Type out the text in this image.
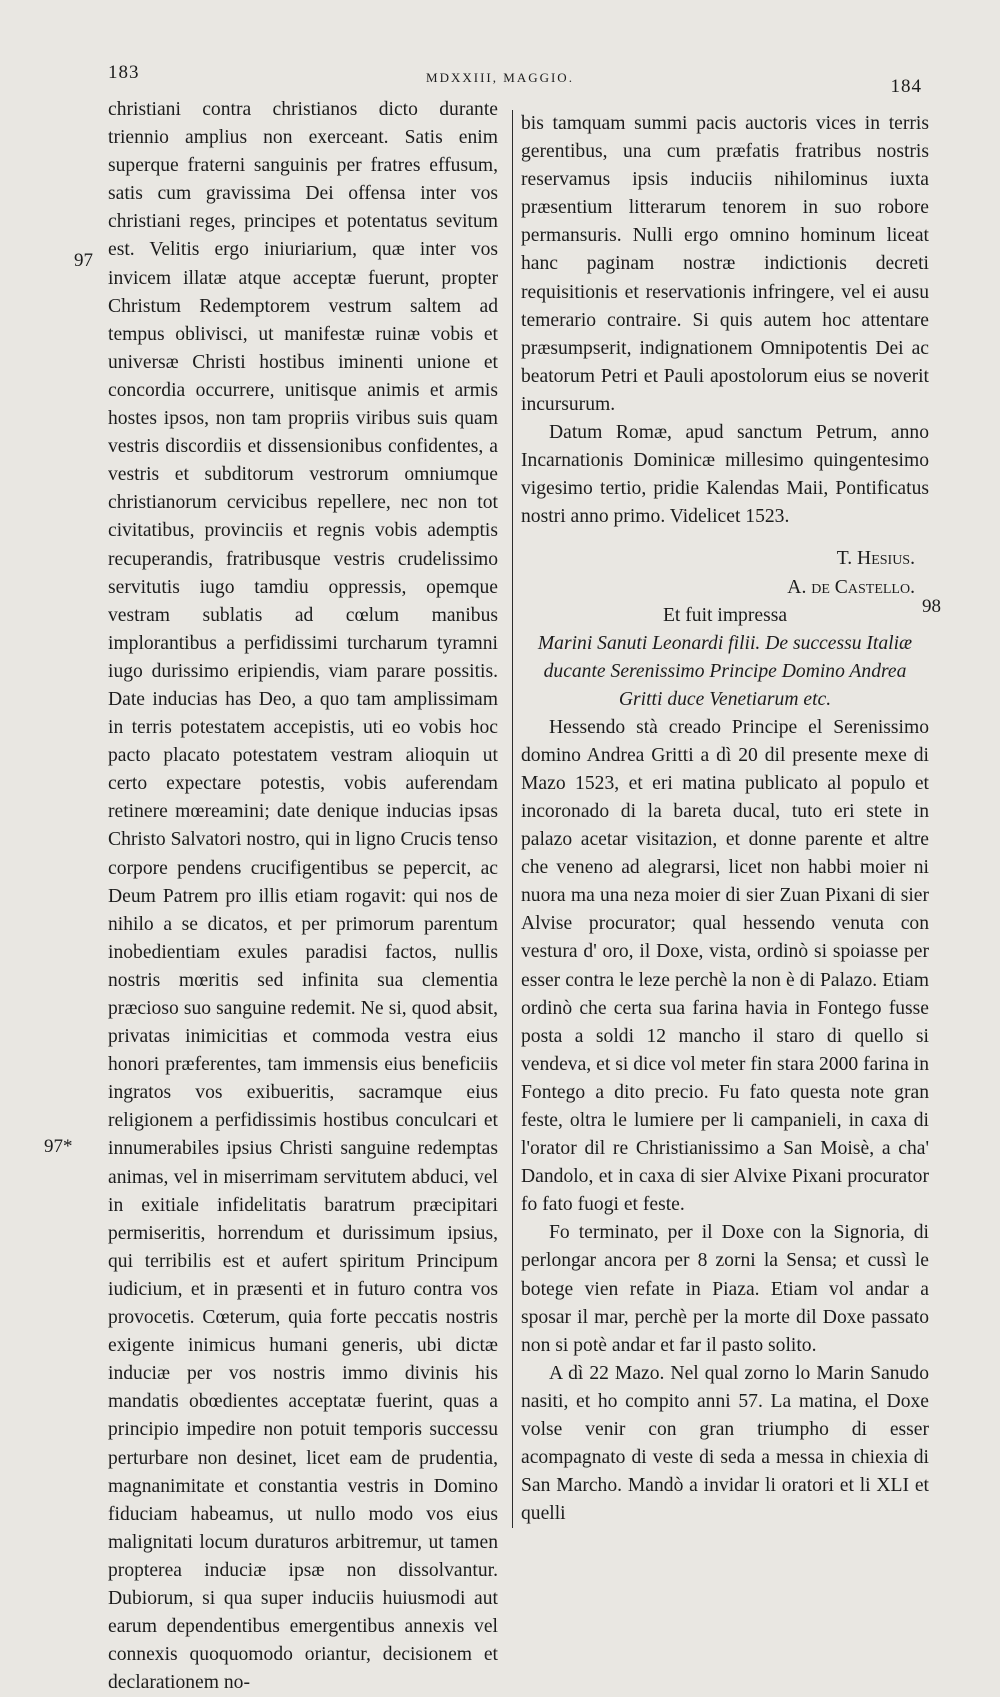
183	MDXXIII, MAGGIO.	184
97
97*
98

christiani contra christianos dicto durante triennio amplius non exerceant. Satis enim superque fraterni sanguinis per fratres effusum, satis cum gravissima Dei offensa inter vos christiani reges, principes et potentatus sevitum est. Velitis ergo iniuriarium, quæ inter vos invicem illatæ atque acceptæ fuerunt, propter Christum Redemptorem vestrum saltem ad tempus oblivisci, ut manifestæ ruinæ vobis et universæ Christi hostibus iminenti unione et concordia occurrere, unitisque animis et armis hostes ipsos, non tam propriis viribus suis quam vestris discordiis et dissensionibus confidentes, a vestris et subditorum vestrorum omniumque christianorum cervicibus repellere, nec non tot civitatibus, provinciis et regnis vobis ademptis recuperandis, fratribusque vestris crudelissimo servitutis iugo tamdiu oppressis, opemque vestram sublatis ad cœlum manibus implorantibus a perfidissimi turcharum tyramni iugo durissimo eripiendis, viam parare possitis. Date inducias has Deo, a quo tam amplissimam in terris potestatem accepistis, uti eo vobis hoc pacto placato potestatem vestram alioquin ut certo expectare potestis, vobis auferendam retinere mœreamini; date denique inducias ipsas Christo Salvatori nostro, qui in ligno Crucis tenso corpore pendens crucifigentibus se pepercit, ac Deum Patrem pro illis etiam rogavit: qui nos de nihilo a se dicatos, et per primorum parentum inobedientiam exules paradisi factos, nullis nostris mœritis sed infinita sua clementia præcioso suo sanguine redemit. Ne si, quod absit, privatas inimicitias et commoda vestra eius honori præferentes, tam immensis eius beneficiis ingratos vos exibueritis, sacramque eius religionem a perfidissimis hostibus conculcari et innumerabiles ipsius Christi sanguine redemptas animas, vel in miserrimam servitutem abduci, vel in exitiale infidelitatis baratrum præcipitari permiseritis, horrendum et durissimum ipsius, qui terribilis est et aufert spiritum Principum iudicium, et in præsenti et in futuro contra vos provocetis. Cœterum, quia forte peccatis nostris exigente inimicus humani generis, ubi dictæ induciæ per vos nostris immo divinis his mandatis obœdientes acceptatæ fuerint, quas a principio impedire non potuit temporis successu perturbare non desinet, licet eam de prudentia, magnanimitate et constantia vestris in Domino fiduciam habeamus, ut nullo modo vos eius malignitati locum duraturos arbitremur, ut tamen propterea induciæ ipsæ non dissolvantur. Dubiorum, si qua super induciis huiusmodi aut earum dependentibus emergentibus annexis vel connexis quoquomodo oriantur, decisionem et declarationem no-

bis tamquam summi pacis auctoris vices in terris gerentibus, una cum præfatis fratribus nostris reservamus ipsis induciis nihilominus iuxta præsentium litterarum tenorem in suo robore permansuris. Nulli ergo omnino hominum liceat hanc paginam nostræ indictionis decreti requisitionis et reservationis infringere, vel ei ausu temerario contraire. Si quis autem hoc attentare præsumpserit, indignationem Omnipotentis Dei ac beatorum Petri et Pauli apostolorum eius se noverit incursurum.

Datum Romæ, apud sanctum Petrum, anno Incarnationis Dominicæ millesimo quingentesimo vigesimo tertio, pridie Kalendas Maii, Pontificatus nostri anno primo. Videlicet 1523.

T. Hesius.

A. de Castello.

Et fuit impressa

Marini Sanuti Leonardi filii. De successu Italiæ ducante Serenissimo Principe Domino Andrea Gritti duce Venetiarum etc.

Hessendo stà creado Principe el Serenissimo domino Andrea Gritti a dì 20 dil presente mexe di Mazo 1523, et eri matina publicato al populo et incoronado di la bareta ducal, tuto eri stete in palazo acetar visitazion, et donne parente et altre che veneno ad alegrarsi, licet non habbi moier ni nuora ma una neza moier di sier Zuan Pixani di sier Alvise procurator; qual hessendo venuta con vestura d' oro, il Doxe, vista, ordinò si spoiasse per esser contra le leze perchè la non è di Palazo. Etiam ordinò che certa sua farina havia in Fontego fusse posta a soldi 12 mancho il staro di quello si vendeva, et si dice vol meter fin stara 2000 farina in Fontego a dito precio. Fu fato questa note gran feste, oltra le lumiere per li campanieli, in caxa di l'orator dil re Christianissimo a San Moisè, a cha' Dandolo, et in caxa di sier Alvixe Pixani procurator fo fato fuogi et feste.

Fo terminato, per il Doxe con la Signoria, di perlongar ancora per 8 zorni la Sensa; et cussì le botege vien refate in Piaza. Etiam vol andar a sposar il mar, perchè per la morte dil Doxe passato non si potè andar et far il pasto solito.

A dì 22 Mazo. Nel qual zorno lo Marin Sanudo nasiti, et ho compito anni 57. La matina, el Doxe volse venir con gran triumpho di esser acompagnato di veste di seda a messa in chiexia di San Marcho. Mandò a invidar li oratori et li XLI et quelli
